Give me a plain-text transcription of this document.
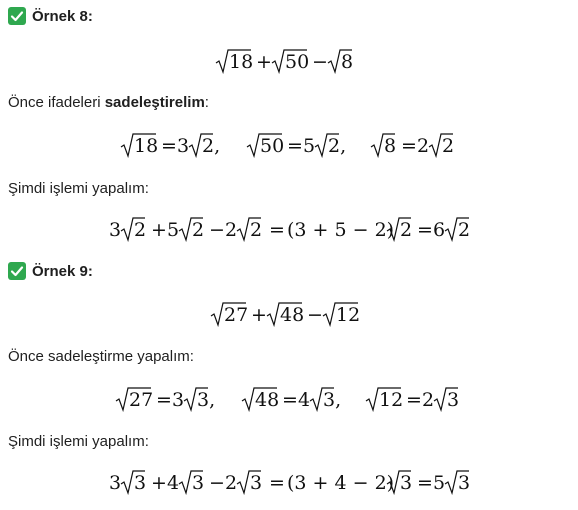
Örnek 8:
18 + 50 − 8
Önce ifadeleri sadeleştirelim:
18 = 3 2, 50 = 5 2, 8 = 2 2
Şimdi işlemi yapalım:
3 2 + 5 2 − 2 2 = (3 + 5 − 2) 2 = 6 2
Örnek 9:
27 + 48 − 12
Önce sadeleştirme yapalım:
27 = 3 3, 48 = 4 3, 12 = 2 3
Şimdi işlemi yapalım:
3 3 + 4 3 − 2 3 = (3 + 4 − 2) 3 = 5 3
